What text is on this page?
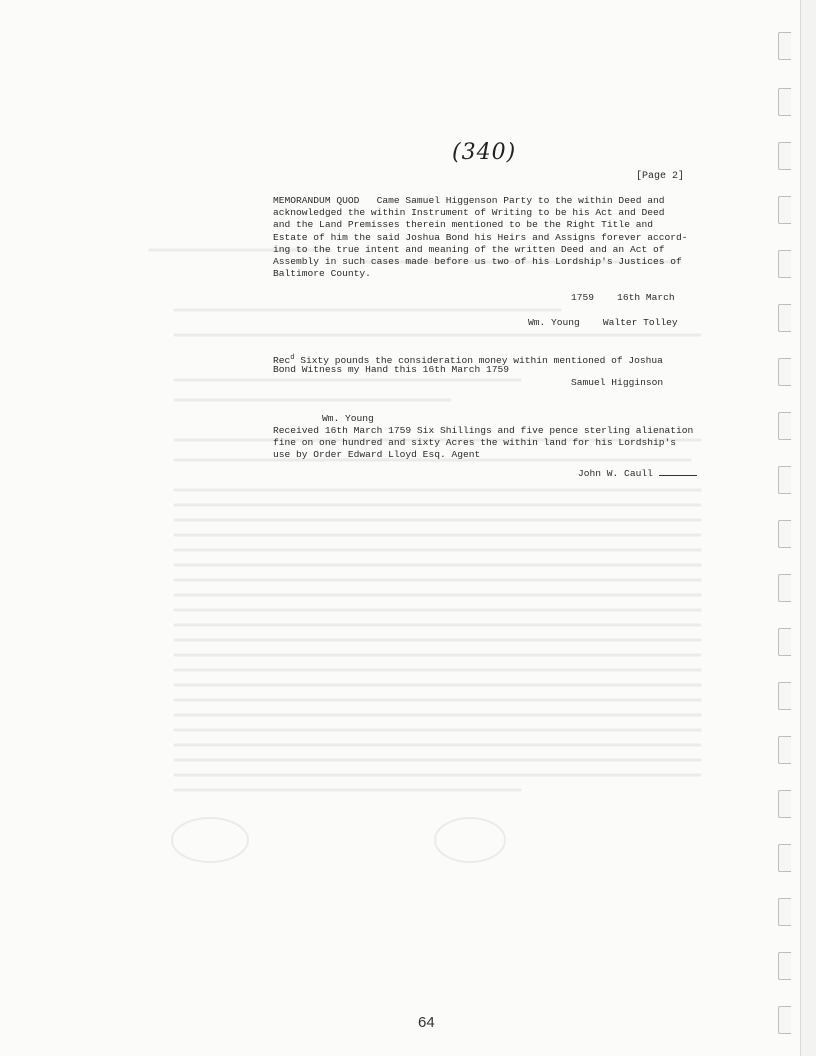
(340)
[Page 2]
MEMORANDUM QUOD   Came Samuel Higgenson Party to the within Deed and
acknowledged the within Instrument of Writing to be his Act and Deed
and the Land Premisses therein mentioned to be the Right Title and
Estate of him the said Joshua Bond his Heirs and Assigns forever accord-
ing to the true intent and meaning of the written Deed and an Act of
Assembly in such cases made before us two of his Lordship's Justices of
Baltimore County.
1759    16th March
Wm. Young    Walter Tolley
Rec$^d$ Sixty pounds the consideration money within mentioned of Joshua
Bond Witness my Hand this 16th March 1759
Samuel Higginson
Wm. Young
Received 16th March 1759 Six Shillings and five pence sterling alienation
fine on one hundred and sixty Acres the within land for his Lordship's
use by Order Edward Lloyd Esq. Agent
John W. Caull
64
